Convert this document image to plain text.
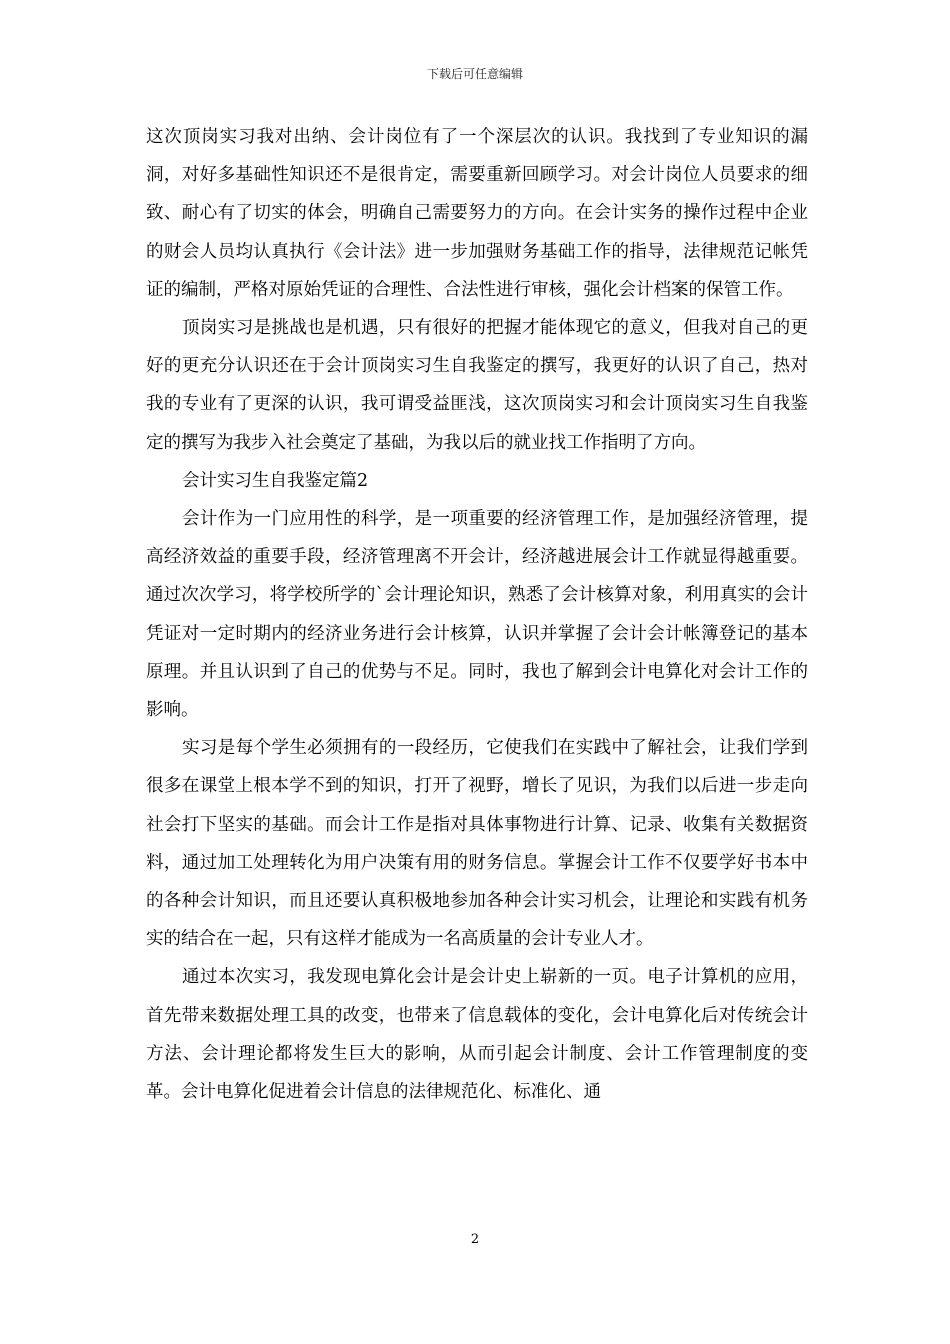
下载后可任意编辑

这次顶岗实习我对出纳、会计岗位有了一个深层次的认识。我找到了专业知识的漏洞，对好多基础性知识还不是很肯定，需要重新回顾学习。对会计岗位人员要求的细致、耐心有了切实的体会，明确自己需要努力的方向。在会计实务的操作过程中企业的财会人员均认真执行《会计法》进一步加强财务基础工作的指导，法律规范记帐凭证的编制，严格对原始凭证的合理性、合法性进行审核，强化会计档案的保管工作。

顶岗实习是挑战也是机遇，只有很好的把握才能体现它的意义，但我对自己的更好的更充分认识还在于会计顶岗实习生自我鉴定的撰写，我更好的认识了自己，热对我的专业有了更深的认识，我可谓受益匪浅，这次顶岗实习和会计顶岗实习生自我鉴定的撰写为我步入社会奠定了基础，为我以后的就业找工作指明了方向。

会计实习生自我鉴定篇2

会计作为一门应用性的科学，是一项重要的经济管理工作，是加强经济管理，提高经济效益的重要手段，经济管理离不开会计，经济越进展会计工作就显得越重要。通过次次学习，将学校所学的`会计理论知识，熟悉了会计核算对象，利用真实的会计凭证对一定时期内的经济业务进行会计核算，认识并掌握了会计会计帐簿登记的基本原理。并且认识到了自己的优势与不足。同时，我也了解到会计电算化对会计工作的影响。

实习是每个学生必须拥有的一段经历，它使我们在实践中了解社会，让我们学到很多在课堂上根本学不到的知识，打开了视野，增长了见识，为我们以后进一步走向社会打下坚实的基础。而会计工作是指对具体事物进行计算、记录、收集有关数据资料，通过加工处理转化为用户决策有用的财务信息。掌握会计工作不仅要学好书本中的各种会计知识，而且还要认真积极地参加各种会计实习机会，让理论和实践有机务实的结合在一起，只有这样才能成为一名高质量的会计专业人才。

通过本次实习，我发现电算化会计是会计史上崭新的一页。电子计算机的应用，首先带来数据处理工具的改变，也带来了信息载体的变化，会计电算化后对传统会计方法、会计理论都将发生巨大的影响，从而引起会计制度、会计工作管理制度的变革。会计电算化促进着会计信息的法律规范化、标准化、通

2
